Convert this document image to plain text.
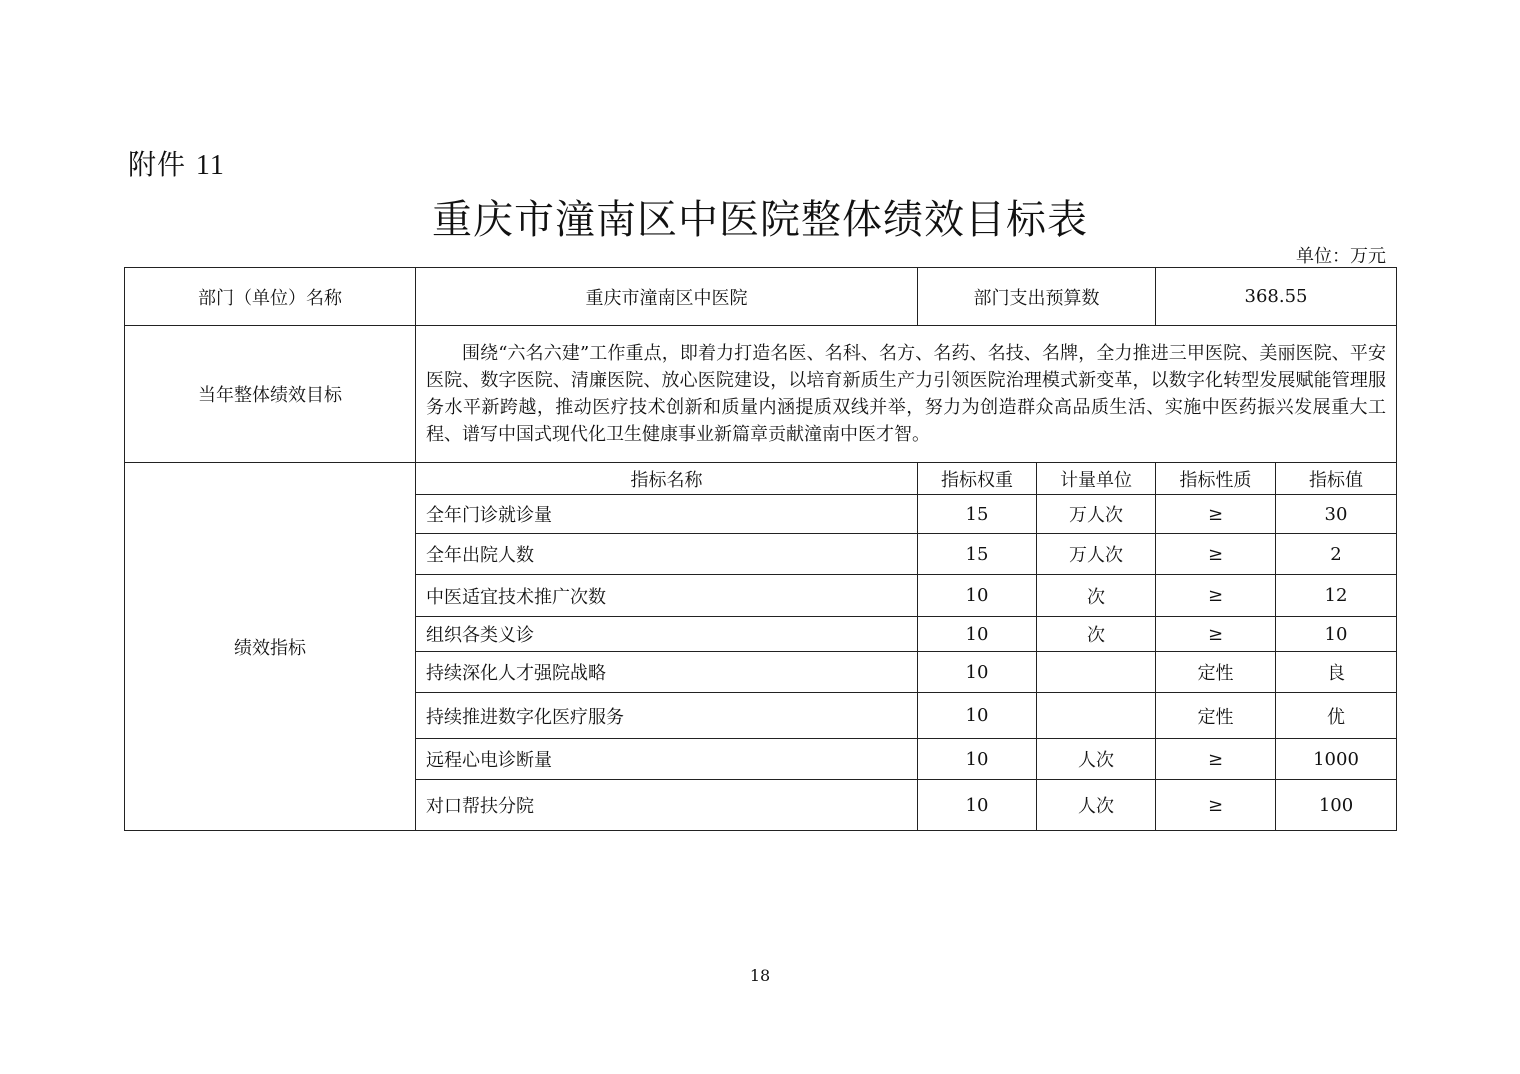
附件 11
重庆市潼南区中医院整体绩效目标表
单位：万元
部门（单位）名称	重庆市潼南区中医院	部门支出预算数		368.55	
当年整体绩效目标	围绕“六名六建”工作重点，即着力打造名医、名科、名方、名药、名技、名牌，全力推进三甲医院、美丽医院、平安医院、数字医院、清廉医院、放心医院建设，以培育新质生产力引领医院治理模式新变革，以数字化转型发展赋能管理服务水平新跨越，推动医疗技术创新和质量内涵提质双线并举，努力为创造群众高品质生活、实施中医药振兴发展重大工程、谱写中国式现代化卫生健康事业新篇章贡献潼南中医才智。				
绩效指标	指标名称	指标权重	计量单位	指标性质	指标值
	全年门诊就诊量	15	万人次	≥	30
	全年出院人数	15	万人次	≥	2
	中医适宜技术推广次数	10	次	≥	12
	组织各类义诊	10	次	≥	10
	持续深化人才强院战略	10		定性	良
	持续推进数字化医疗服务	10		定性	优
	远程心电诊断量	10	人次	≥	1000
	对口帮扶分院	10	人次	≥	100
18
